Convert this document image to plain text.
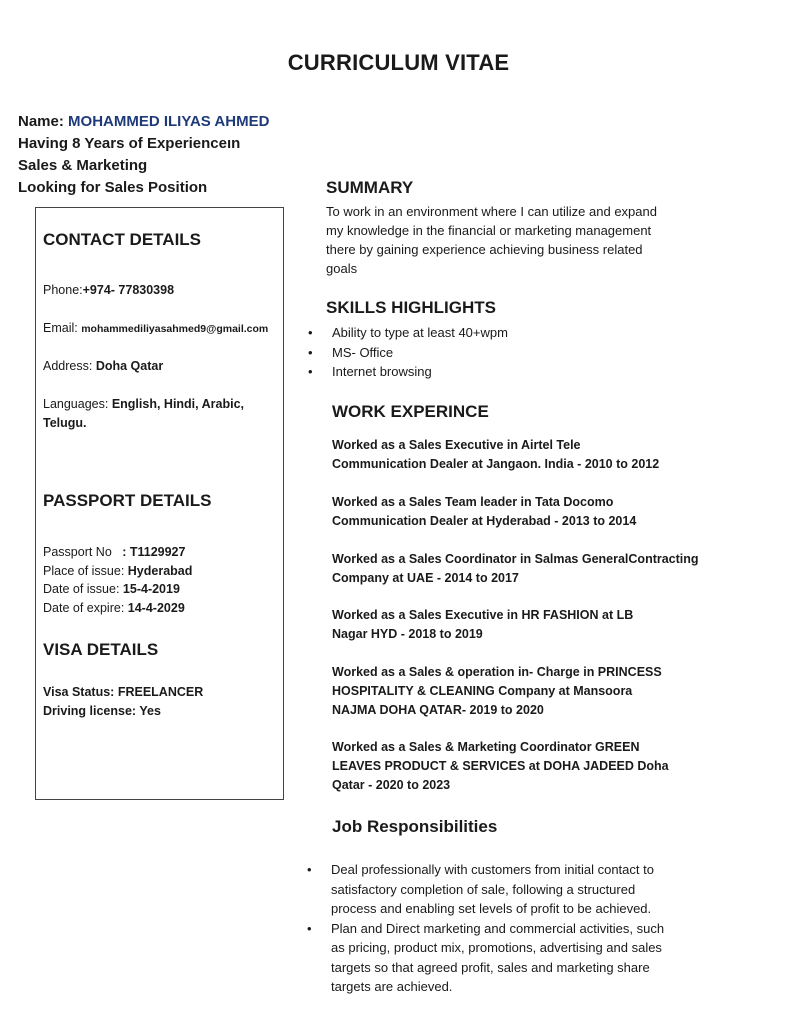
CURRICULUM VITAE
Name: MOHAMMED ILIYAS AHMED
Having 8 Years of Experienceın
Sales & Marketing
Looking for Sales Position
CONTACT DETAILS
Phone:+974- 77830398
Email: mohammediliyasahmed9@gmail.com
Address: Doha Qatar
Languages: English, Hindi, Arabic,
Telugu.
PASSPORT DETAILS
Passport No : T1129927
Place of issue: Hyderabad
Date of issue: 15-4-2019
Date of expire: 14-4-2029
VISA DETAILS
Visa Status: FREELANCER
Driving license: Yes
SUMMARY
To work in an environment where I can utilize and expand
my knowledge in the financial or marketing management
there by gaining experience achieving business related
goals
SKILLS HIGHLIGHTS
• Ability to type at least 40+wpm
• MS- Office
• Internet browsing
WORK EXPERINCE
Worked as a Sales Executive in Airtel Tele
Communication Dealer at Jangaon. India - 2010 to 2012
Worked as a Sales Team leader in Tata Docomo
Communication Dealer at Hyderabad - 2013 to 2014
Worked as a Sales Coordinator in Salmas GeneralContracting
Company at UAE - 2014 to 2017
Worked as a Sales Executive in HR FASHION at LB
Nagar HYD - 2018 to 2019
Worked as a Sales & operation in- Charge in PRINCESS
HOSPITALITY & CLEANING Company at Mansoora
NAJMA DOHA QATAR- 2019 to 2020
Worked as a Sales & Marketing Coordinator GREEN
LEAVES PRODUCT & SERVICES at DOHA JADEED Doha
Qatar - 2020 to 2023
Job Responsibilities
• Deal professionally with customers from initial contact to
satisfactory completion of sale, following a structured
process and enabling set levels of profit to be achieved.
• Plan and Direct marketing and commercial activities, such
as pricing, product mix, promotions, advertising and sales
targets so that agreed profit, sales and marketing share
targets are achieved.
